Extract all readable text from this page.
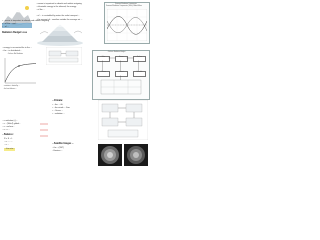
...ozone is important to absorb and radiate outgoing
...ultraviolet energy in the infrared, the energy
...of the ...
...of ... is controlled by water the solar transport ...
...the amount of... weather outside the average air ...
• ...ozone is important to absorb and radiate outgoing
• ...of the ...and ...
• ...of ...
Seasonal Radiation Components
Seasonal Radiation Components (W/m²)/Global Mean
Radiation Budget Loss
...energy is accounted for in the ...
...the ...is distributed...
...Surface Net Radiation
...variation is limited by ...
...the heat balance ...
...Surface Radiation Budget
Solar	Atmos.	Surface
Ocean	Latent	Sensible
...= radiation (+)...
...= ...(W/m²) global...
...=...surface...
...=...= ...
...Balance:
R = S + L
...= ... - ...
...= ...
...the rate...
...Climate:
• ...the ... tilt
• ...the winds ... flow
• ...Ocean ...
• ...radiation ...
...Satellite Images ...
...the ...(SST)
...Eastern ...
